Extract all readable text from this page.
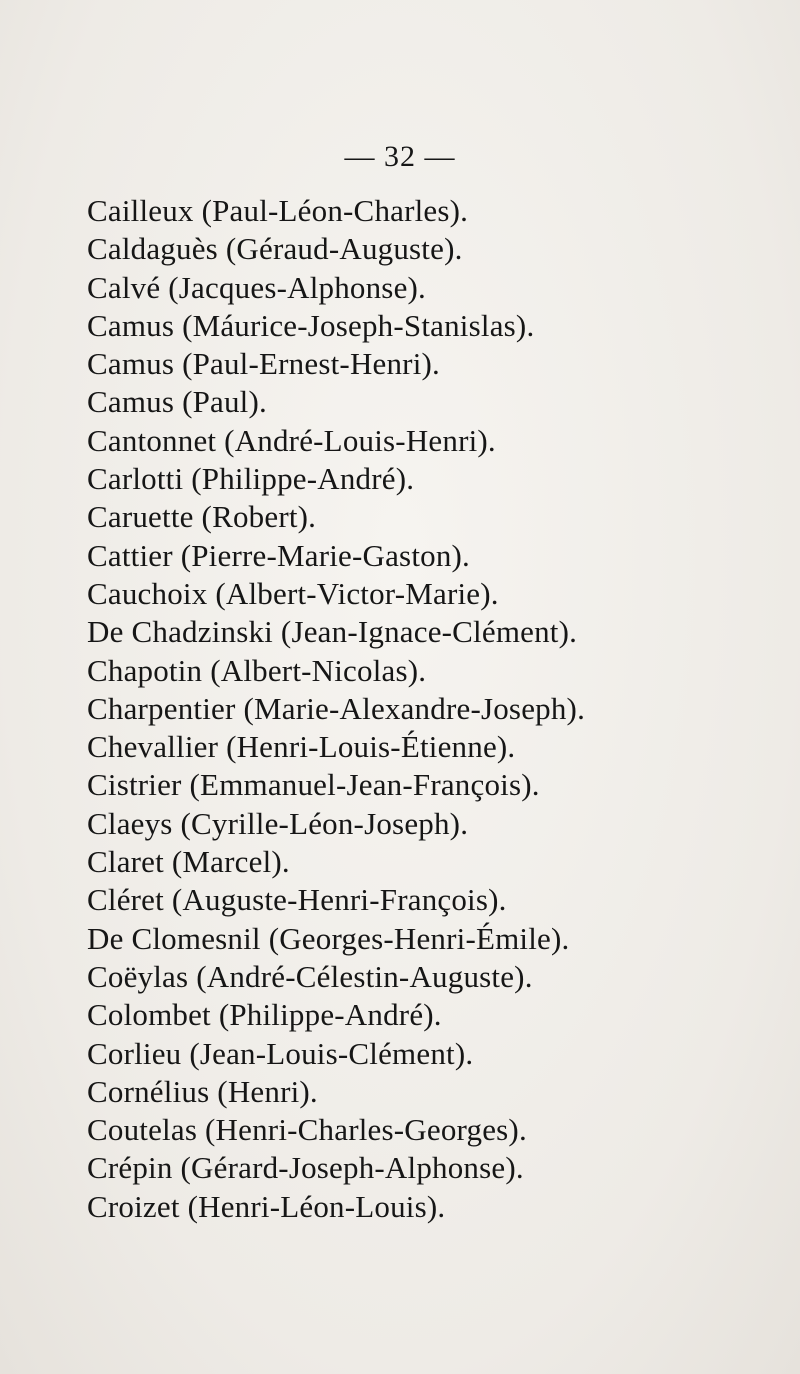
— 32 —
Cailleux (Paul-Léon-Charles).
Caldaguès (Géraud-Auguste).
Calvé (Jacques-Alphonse).
Camus (Máurice-Joseph-Stanislas).
Camus (Paul-Ernest-Henri).
Camus (Paul).
Cantonnet (André-Louis-Henri).
Carlotti (Philippe-André).
Caruette (Robert).
Cattier (Pierre-Marie-Gaston).
Cauchoix (Albert-Victor-Marie).
De Chadzinski (Jean-Ignace-Clément).
Chapotin (Albert-Nicolas).
Charpentier (Marie-Alexandre-Joseph).
Chevallier (Henri-Louis-Étienne).
Cistrier (Emmanuel-Jean-François).
Claeys (Cyrille-Léon-Joseph).
Claret (Marcel).
Cléret (Auguste-Henri-François).
De Clomesnil (Georges-Henri-Émile).
Coëylas (André-Célestin-Auguste).
Colombet (Philippe-André).
Corlieu (Jean-Louis-Clément).
Cornélius (Henri).
Coutelas (Henri-Charles-Georges).
Crépin (Gérard-Joseph-Alphonse).
Croizet (Henri-Léon-Louis).
